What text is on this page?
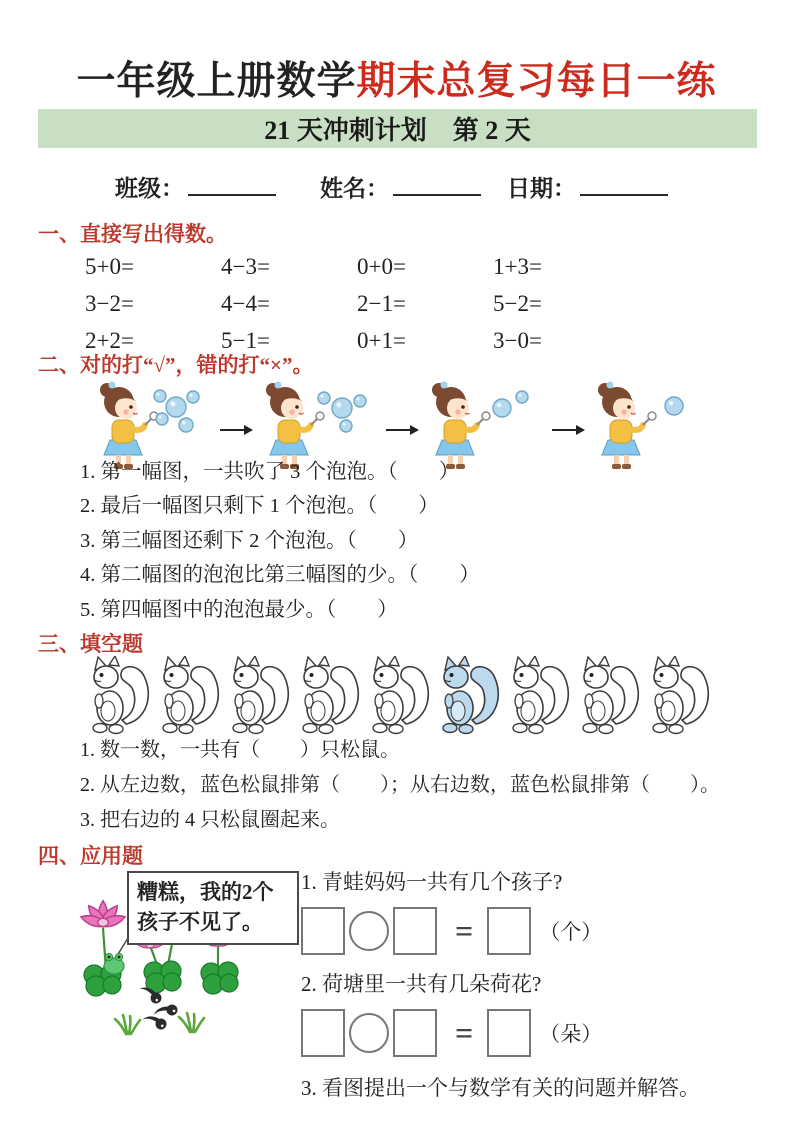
一年级上册数学期末总复习每日一练
21 天冲刺计划　第 2 天
班级：	姓名：	日期：
一、直接写出得数。
5+0=	4−3=	0+0=	1+3=
3−2=	4−4=	2−1=	5−2=
2+2=	5−1=	0+1=	3−0=
二、对的打“√”，错的打“×”。
1. 第一幅图，一共吹了 3 个泡泡。（　　）
2. 最后一幅图只剩下 1 个泡泡。（　　）
3. 第三幅图还剩下 2 个泡泡。（　　）
4. 第二幅图的泡泡比第三幅图的少。（　　）
5. 第四幅图中的泡泡最少。（　　）
三、填空题
1. 数一数，一共有（　　）只松鼠。
2. 从左边数，蓝色松鼠排第（　　）；从右边数，蓝色松鼠排第（　　）。
3. 把右边的 4 只松鼠圈起来。
四、应用题
糟糕，我的2个孩子不见了。
1. 青蛙妈妈一共有几个孩子?
=	（个）
2. 荷塘里一共有几朵荷花?
=	（朵）
3. 看图提出一个与数学有关的问题并解答。
